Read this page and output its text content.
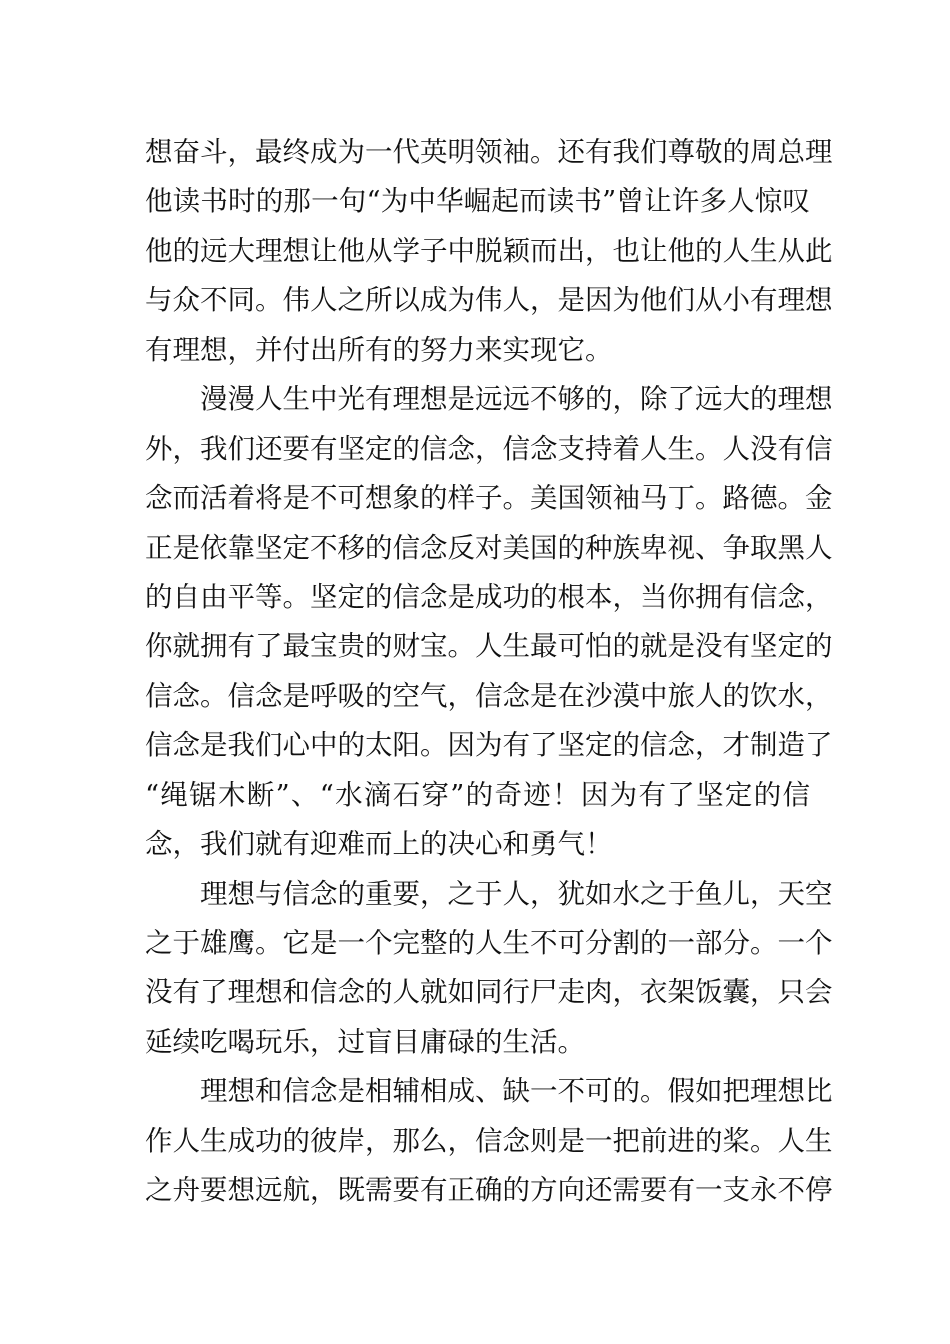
想奋斗，最终成为一代英明领袖。还有我们尊敬的周总理
他读书时的那一句“为中华崛起而读书”曾让许多人惊叹
他的远大理想让他从学子中脱颖而出，也让他的人生从此
与众不同。伟人之所以成为伟人，是因为他们从小有理想
有理想，并付出所有的努力来实现它。
漫漫人生中光有理想是远远不够的，除了远大的理想
外，我们还要有坚定的信念，信念支持着人生。人没有信
念而活着将是不可想象的样子。美国领袖马丁。路德。金
正是依靠坚定不移的信念反对美国的种族卑视、争取黑人
的自由平等。坚定的信念是成功的根本，当你拥有信念，
你就拥有了最宝贵的财宝。人生最可怕的就是没有坚定的
信念。信念是呼吸的空气，信念是在沙漠中旅人的饮水，
信念是我们心中的太阳。因为有了坚定的信念，才制造了
“绳锯木断”、“水滴石穿”的奇迹！因为有了坚定的信
念，我们就有迎难而上的决心和勇气！
理想与信念的重要，之于人，犹如水之于鱼儿，天空
之于雄鹰。它是一个完整的人生不可分割的一部分。一个
没有了理想和信念的人就如同行尸走肉，衣架饭囊，只会
延续吃喝玩乐，过盲目庸碌的生活。
理想和信念是相辅相成、缺一不可的。假如把理想比
作人生成功的彼岸，那么，信念则是一把前进的桨。人生
之舟要想远航，既需要有正确的方向还需要有一支永不停
